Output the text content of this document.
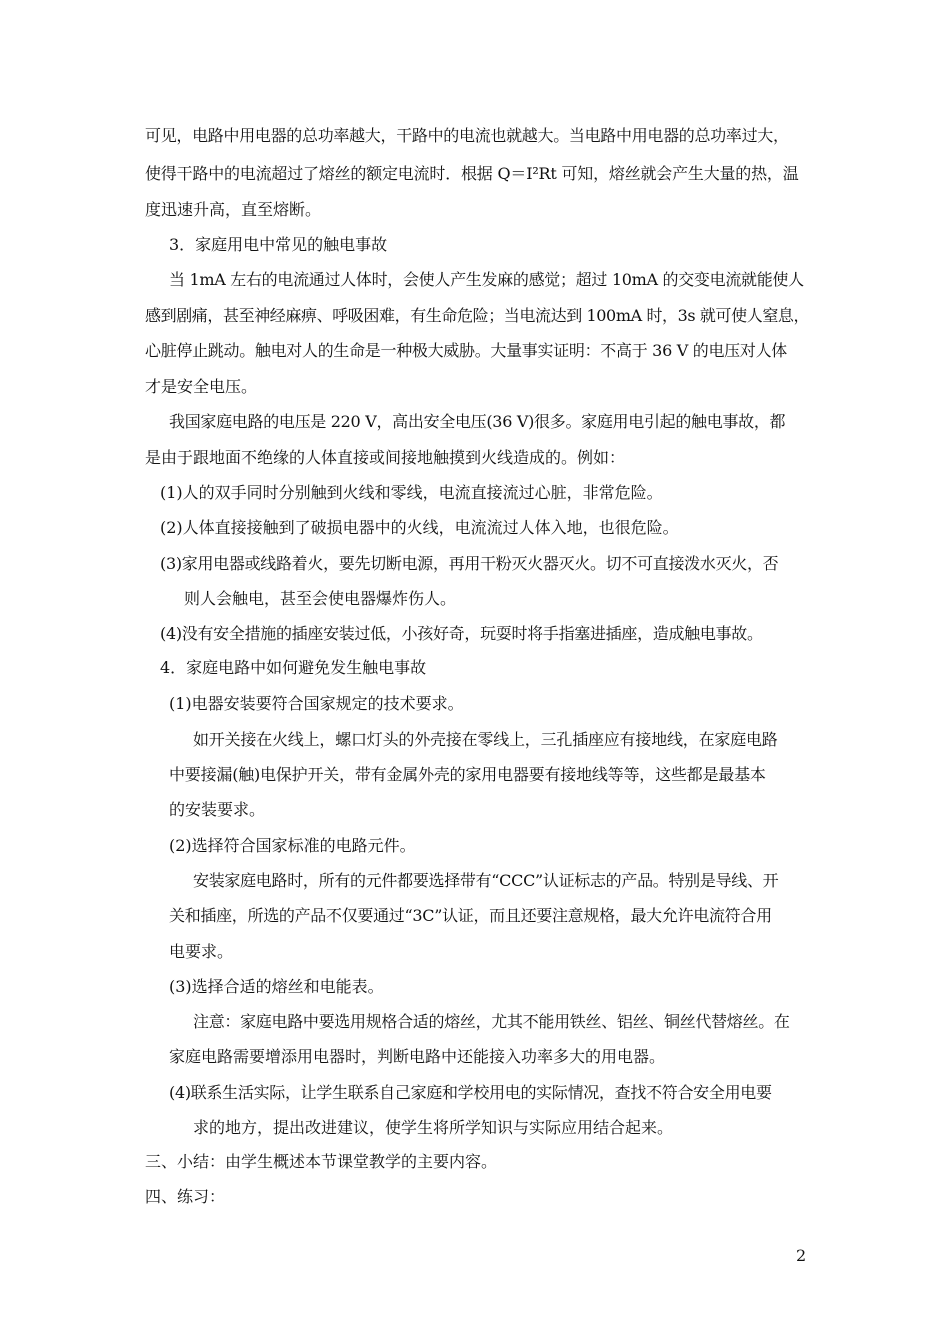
可见，电路中用电器的总功率越大，干路中的电流也就越大。当电路中用电器的总功率过大，
使得干路中的电流超过了熔丝的额定电流时．根据 Q＝I²Rt 可知，熔丝就会产生大量的热，温
度迅速升高，直至熔断。
3．家庭用电中常见的触电事故
当 1mA 左右的电流通过人体时，会使人产生发麻的感觉；超过 10mA 的交变电流就能使人
感到剧痛，甚至神经麻痹、呼吸困难，有生命危险；当电流达到 100mA 时，3s 就可使人窒息，
心脏停止跳动。触电对人的生命是一种极大威胁。大量事实证明：不高于 36 V 的电压对人体
才是安全电压。
我国家庭电路的电压是 220 V，高出安全电压(36 V)很多。家庭用电引起的触电事故，都
是由于跟地面不绝缘的人体直接或间接地触摸到火线造成的。例如：
(1)人的双手同时分别触到火线和零线，电流直接流过心脏，非常危险。
(2)人体直接接触到了破损电器中的火线，电流流过人体入地，也很危险。
(3)家用电器或线路着火，要先切断电源，再用干粉灭火器灭火。切不可直接泼水灭火，否
则人会触电，甚至会使电器爆炸伤人。
(4)没有安全措施的插座安装过低，小孩好奇，玩耍时将手指塞进插座，造成触电事故。
4．家庭电路中如何避免发生触电事故
(1)电器安装要符合国家规定的技术要求。
如开关接在火线上，螺口灯头的外壳接在零线上，三孔插座应有接地线，在家庭电路
中要接漏(触)电保护开关，带有金属外壳的家用电器要有接地线等等，这些都是最基本
的安装要求。
(2)选择符合国家标准的电路元件。
安装家庭电路时，所有的元件都要选择带有“CCC”认证标志的产品。特别是导线、开
关和插座，所选的产品不仅要通过“3C”认证，而且还要注意规格，最大允许电流符合用
电要求。
(3)选择合适的熔丝和电能表。
注意：家庭电路中要选用规格合适的熔丝，尤其不能用铁丝、铝丝、铜丝代替熔丝。在
家庭电路需要增添用电器时，判断电路中还能接入功率多大的用电器。
(4)联系生活实际，让学生联系自己家庭和学校用电的实际情况，查找不符合安全用电要
求的地方，提出改进建议，使学生将所学知识与实际应用结合起来。
三、小结：由学生概述本节课堂教学的主要内容。
四、练习：
2
